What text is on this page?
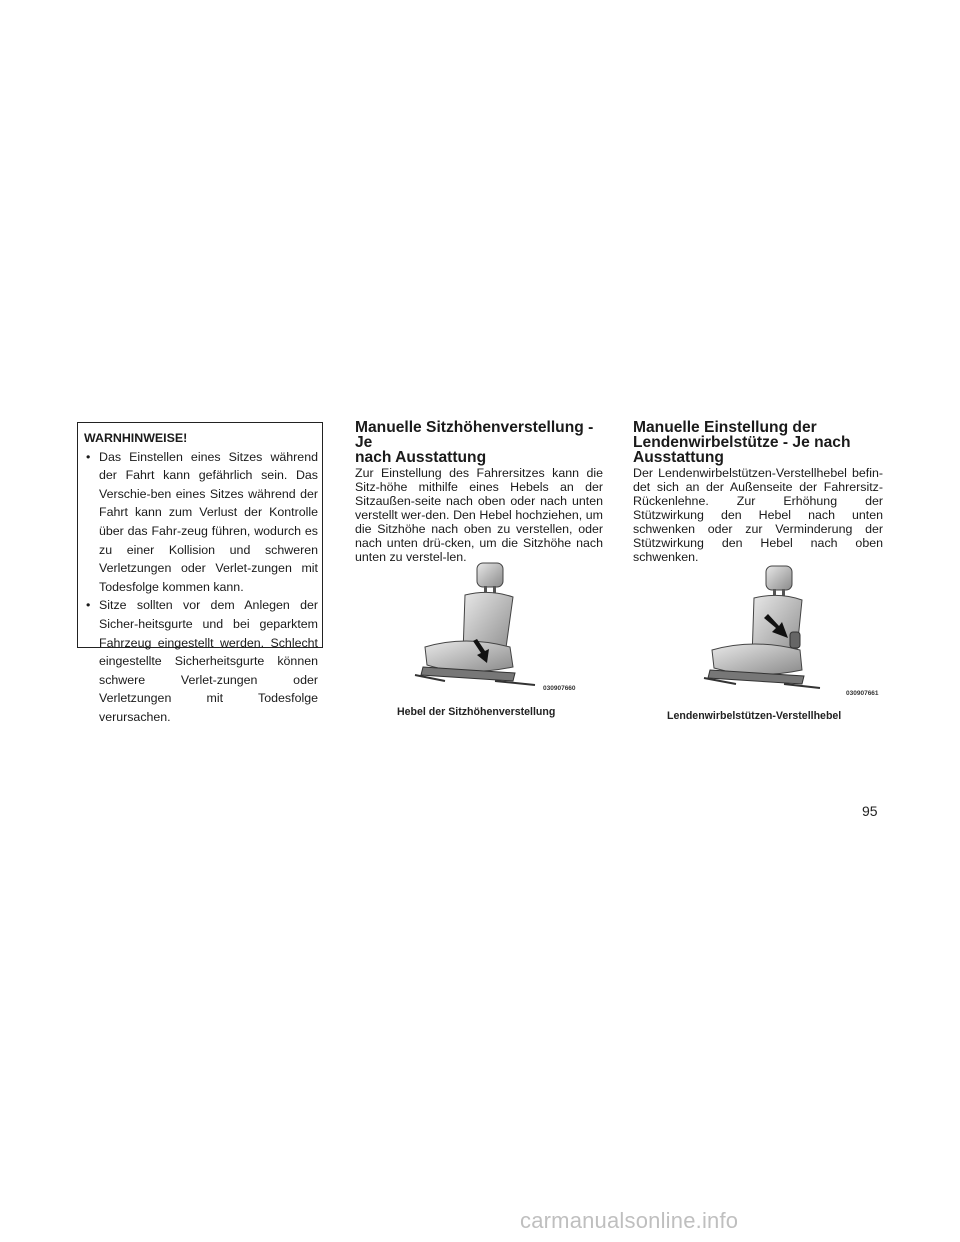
WARNHINWEISE!
• Das Einstellen eines Sitzes während der Fahrt kann gefährlich sein. Das Verschie-ben eines Sitzes während der Fahrt kann zum Verlust der Kontrolle über das Fahr-zeug führen, wodurch es zu einer Kollision und schweren Verletzungen oder Verlet-zungen mit Todesfolge kommen kann.
• Sitze sollten vor dem Anlegen der Sicher-heitsgurte und bei geparktem Fahrzeug eingestellt werden. Schlecht eingestellte Sicherheitsgurte können schwere Verlet-zungen oder Verletzungen mit Todesfolge verursachen.
Manuelle Sitzhöhenverstellung - Je
nach Ausstattung

Zur Einstellung des Fahrersitzes kann die Sitz-höhe mithilfe eines Hebels an der Sitzaußen-seite nach oben oder nach unten verstellt wer-den. Den Hebel hochziehen, um die Sitzhöhe nach oben zu verstellen, oder nach unten drü-cken, um die Sitzhöhe nach unten zu verstel-len.

030907660
Hebel der Sitzhöhenverstellung
Manuelle Einstellung der
Lendenwirbelstütze - Je nach
Ausstattung

Der Lendenwirbelstützen-Verstellhebel befin-det sich an der Außenseite der Fahrersitz-Rückenlehne. Zur Erhöhung der Stützwirkung den Hebel nach unten schwenken oder zur Verminderung der Stützwirkung den Hebel nach oben schwenken.

030907661
Lendenwirbelstützen-Verstellhebel
95
carmanualsonline.info
